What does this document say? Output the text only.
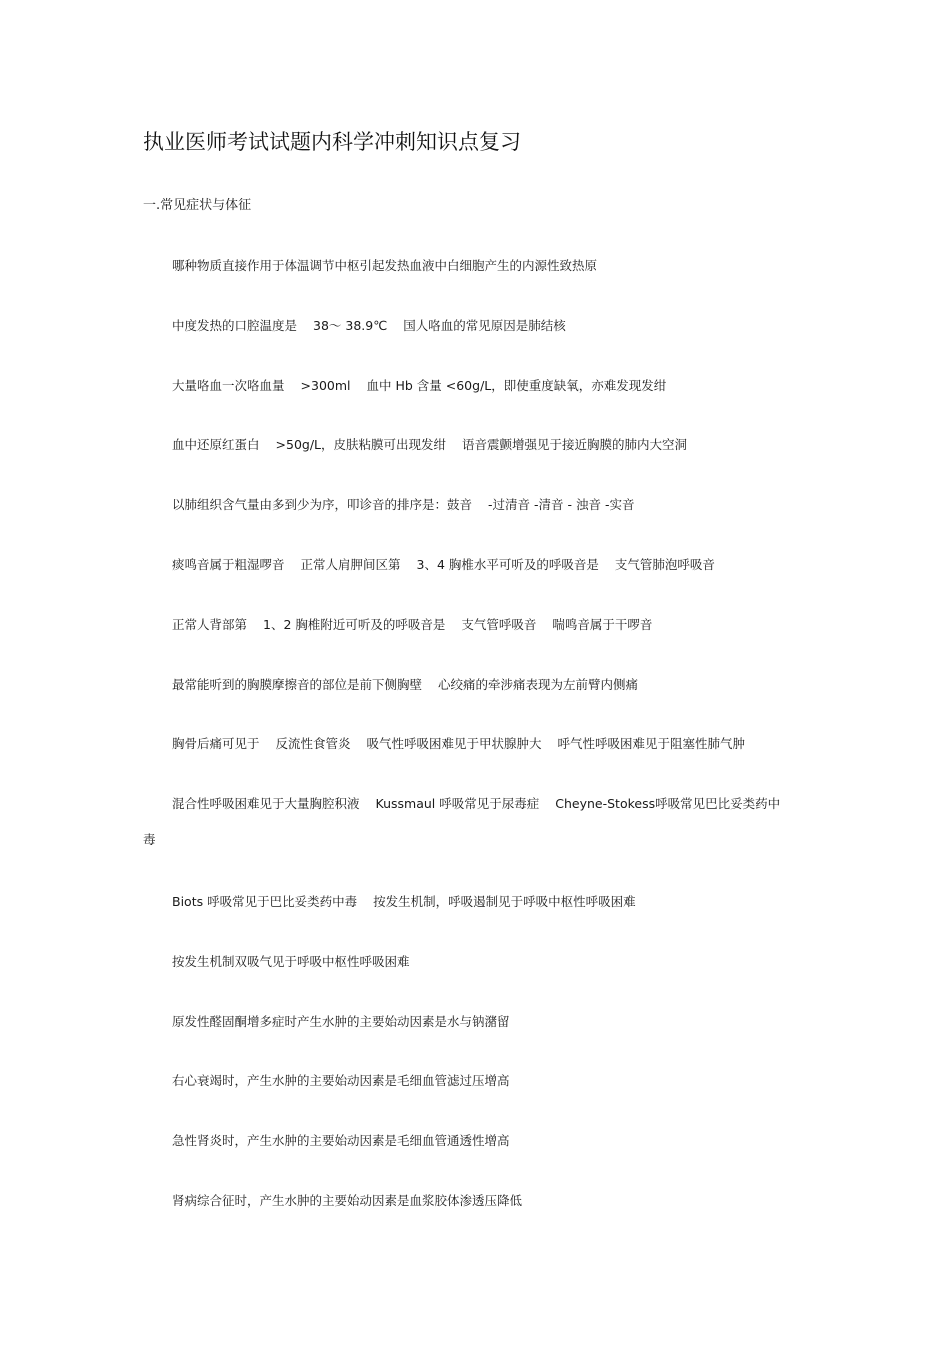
执业医师考试试题内科学冲刺知识点复习
一.常见症状与体征
哪种物质直接作用于体温调节中枢引起发热血液中白细胞产生的内源性致热原
中度发热的口腔温度是 38～ 38.9℃ 国人咯血的常见原因是肺结核
大量咯血一次咯血量 >300ml 血中 Hb 含量 <60g/L，即使重度缺氧，亦难发现发绀
血中还原红蛋白 >50g/L，皮肤粘膜可出现发绀 语音震颤增强见于接近胸膜的肺内大空洞
以肺组织含气量由多到少为序，叩诊音的排序是：鼓音 -过清音 -清音 - 浊音 -实音
痰鸣音属于粗湿啰音 正常人肩胛间区第 3、4 胸椎水平可听及的呼吸音是 支气管肺泡呼吸音
正常人背部第 1、2 胸椎附近可听及的呼吸音是 支气管呼吸音 喘鸣音属于干啰音
最常能听到的胸膜摩擦音的部位是前下侧胸壁 心绞痛的牵涉痛表现为左前臂内侧痛
胸骨后痛可见于 反流性食管炎 吸气性呼吸困难见于甲状腺肿大 呼气性呼吸困难见于阻塞性肺气肿
混合性呼吸困难见于大量胸腔积液 Kussmaul 呼吸常见于尿毒症 Cheyne-Stokess呼吸常见巴比妥类药中
毒
Biots 呼吸常见于巴比妥类药中毒 按发生机制，呼吸遏制见于呼吸中枢性呼吸困难
按发生机制双吸气见于呼吸中枢性呼吸困难
原发性醛固酮增多症时产生水肿的主要始动因素是水与钠潴留
右心衰竭时，产生水肿的主要始动因素是毛细血管滤过压增高
急性肾炎时，产生水肿的主要始动因素是毛细血管通透性增高
肾病综合征时，产生水肿的主要始动因素是血浆胶体渗透压降低
